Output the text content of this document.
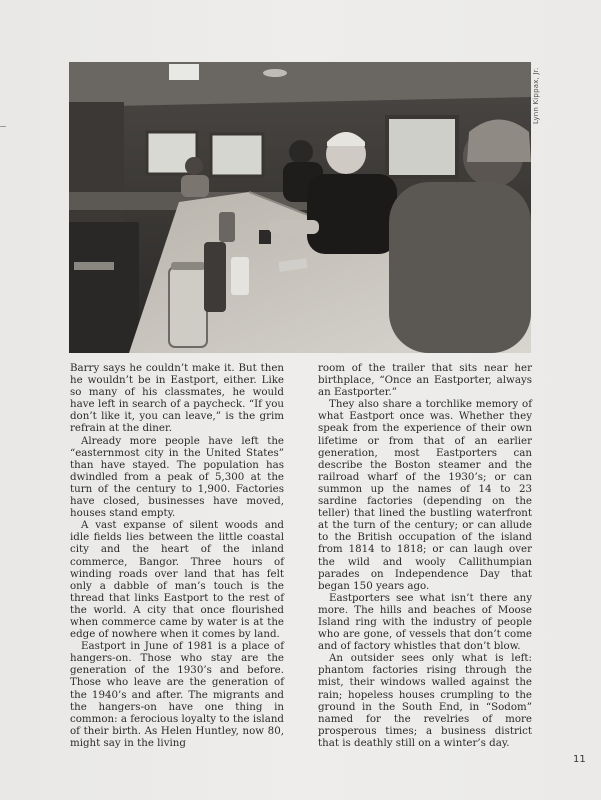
Lynn Kippax, Jr.

Barry says he couldn’t make it. But then he wouldn’t be in Eastport, either. Like so many of his classmates, he would have left in search of a paycheck. “If you don’t like it, you can leave,” is the grim refrain at the diner.

Already more people have left the “easternmost city in the United States” than have stayed. The population has dwindled from a peak of 5,300 at the turn of the century to 1,900. Factories have closed, businesses have moved, houses stand empty.

A vast expanse of silent woods and idle fields lies between the little coastal city and the heart of the inland commerce, Bangor. Three hours of winding roads over land that has felt only a dabble of man’s touch is the thread that links Eastport to the rest of the world. A city that once flourished when commerce came by water is at the edge of nowhere when it comes by land.

Eastport in June of 1981 is a place of hangers-on. Those who stay are the generation of the 1930’s and before. Those who leave are the generation of the 1940’s and after. The migrants and the hangers-on have one thing in common: a ferocious loyalty to the island of their birth. As Helen Huntley, now 80, might say in the living

room of the trailer that sits near her birthplace, “Once an Eastporter, always an Eastporter.”

They also share a torchlike memory of what Eastport once was. Whether they speak from the experience of their own lifetime or from that of an earlier generation, most Eastporters can describe the Boston steamer and the railroad wharf of the 1930’s; or can summon up the names of 14 to 23 sardine factories (depending on the teller) that lined the bustling waterfront at the turn of the century; or can allude to the British occupation of the island from 1814 to 1818; or can laugh over the wild and wooly Callithumpian parades on Independence Day that began 150 years ago.

Eastporters see what isn’t there any more. The hills and beaches of Moose Island ring with the industry of people who are gone, of vessels that don’t come and of factory whistles that don’t blow.

An outsider sees only what is left: phantom factories rising through the mist, their windows walled against the rain; hopeless houses crumpling to the ground in the South End, in “Sodom” named for the revelries of more prosperous times; a business district that is deathly still on a winter’s day.

11
